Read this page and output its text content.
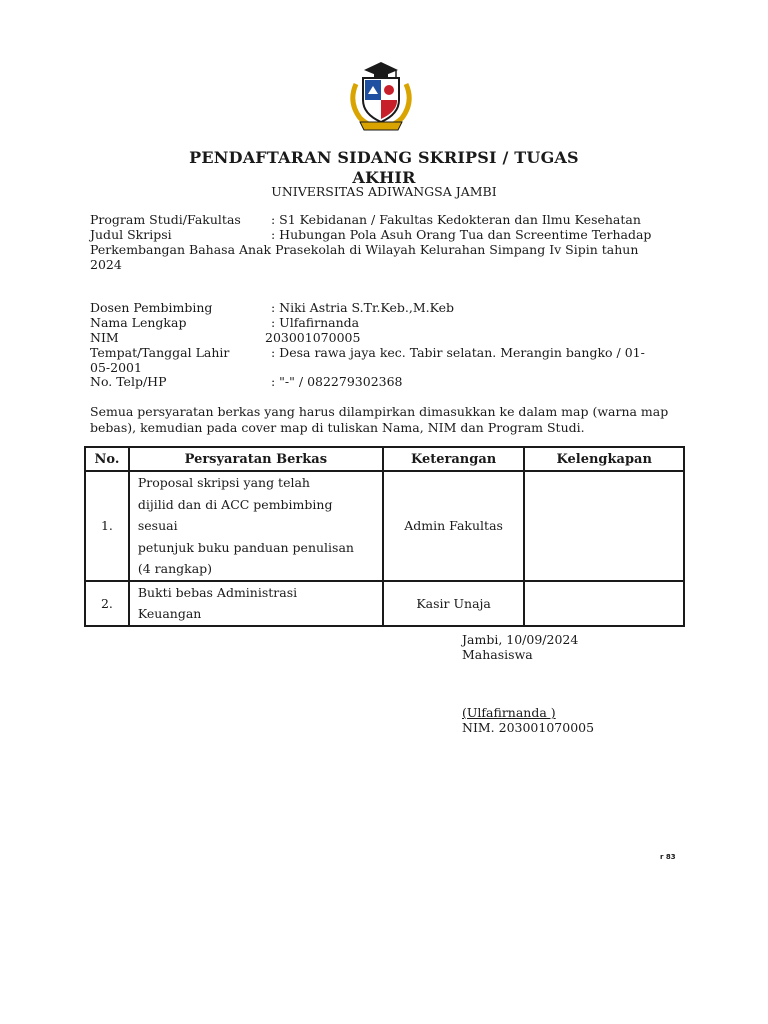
PENDAFTARAN SIDANG SKRIPSI / TUGAS
AKHIR
UNIVERSITAS ADIWANGSA JAMBI
Program Studi/Fakultas : S1 Kebidanan / Fakultas Kedokteran dan Ilmu Kesehatan
Judul Skripsi	: Hubungan Pola Asuh Orang Tua dan Screentime Terhadap
Perkembangan Bahasa Anak Prasekolah di Wilayah Kelurahan Simpang Iv Sipin tahun
2024
Dosen Pembimbing	: Niki Astria S.Tr.Keb.,M.Keb
Nama Lengkap	: Ulfafirnanda
NIM	203001070005
Tempat/Tanggal Lahir	: Desa rawa jaya kec. Tabir selatan. Merangin bangko / 01-
05-2001
No. Telp/HP	: "-" / 082279302368
Semua persyaratan berkas yang harus dilampirkan dimasukkan ke dalam map (warna map bebas), kemudian pada cover map di tuliskan Nama, NIM dan Program Studi.
No.	Persyaratan Berkas	Keterangan	Kelengkapan
1.	Proposal skripsi yang telah
dijilid dan di ACC pembimbing
sesuai
petunjuk buku panduan penulisan
(4 rangkap)	Admin Fakultas	
2.	Bukti bebas Administrasi
Keuangan	Kasir Unaja	
Jambi, 10/09/2024
Mahasiswa
(Ulfafirnanda )
NIM. 203001070005
r 83
